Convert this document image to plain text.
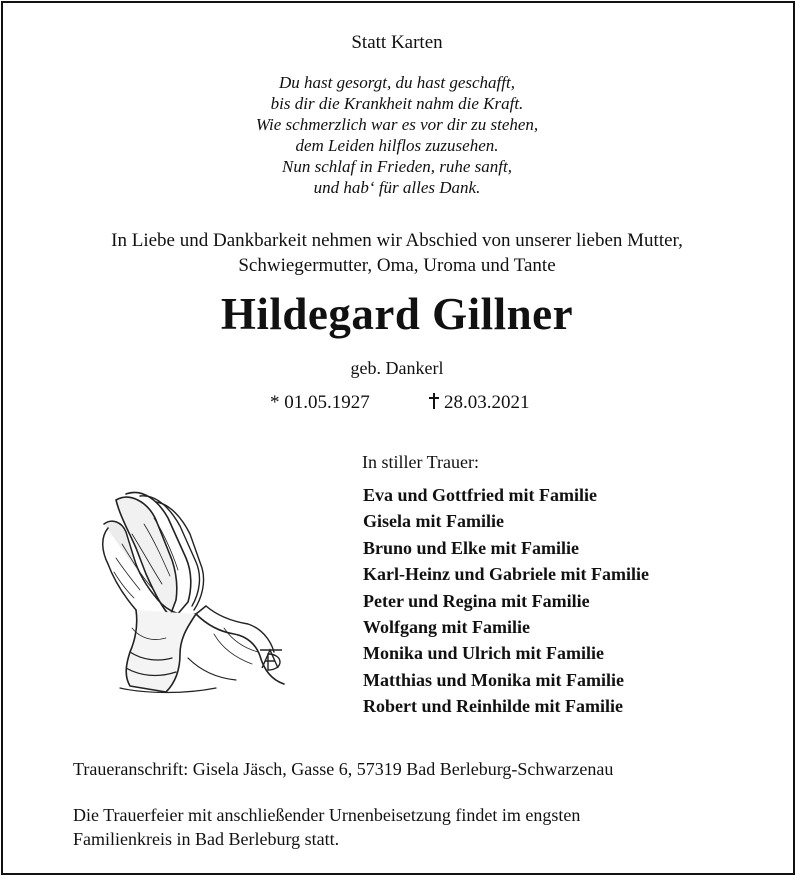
Statt Karten
Du hast gesorgt, du hast geschafft,
bis dir die Krankheit nahm die Kraft.
Wie schmerzlich war es vor dir zu stehen,
dem Leiden hilflos zuzusehen.
Nun schlaf in Frieden, ruhe sanft,
und hab‘ für alles Dank.
In Liebe und Dankbarkeit nehmen wir Abschied von unserer lieben Mutter,
Schwiegermutter, Oma, Uroma und Tante
Hildegard Gillner
geb. Dankerl
* 01.05.1927	28.03.2021
In stiller Trauer:
Eva und Gottfried mit Familie
Gisela mit Familie
Bruno und Elke mit Familie
Karl-Heinz und Gabriele mit Familie
Peter und Regina mit Familie
Wolfgang mit Familie
Monika und Ulrich mit Familie
Matthias und Monika mit Familie
Robert und Reinhilde mit Familie
Traueranschrift: Gisela Jäsch, Gasse 6, 57319 Bad Berleburg-Schwarzenau
Die Trauerfeier mit anschließender Urnenbeisetzung findet im engsten
Familienkreis in Bad Berleburg statt.
